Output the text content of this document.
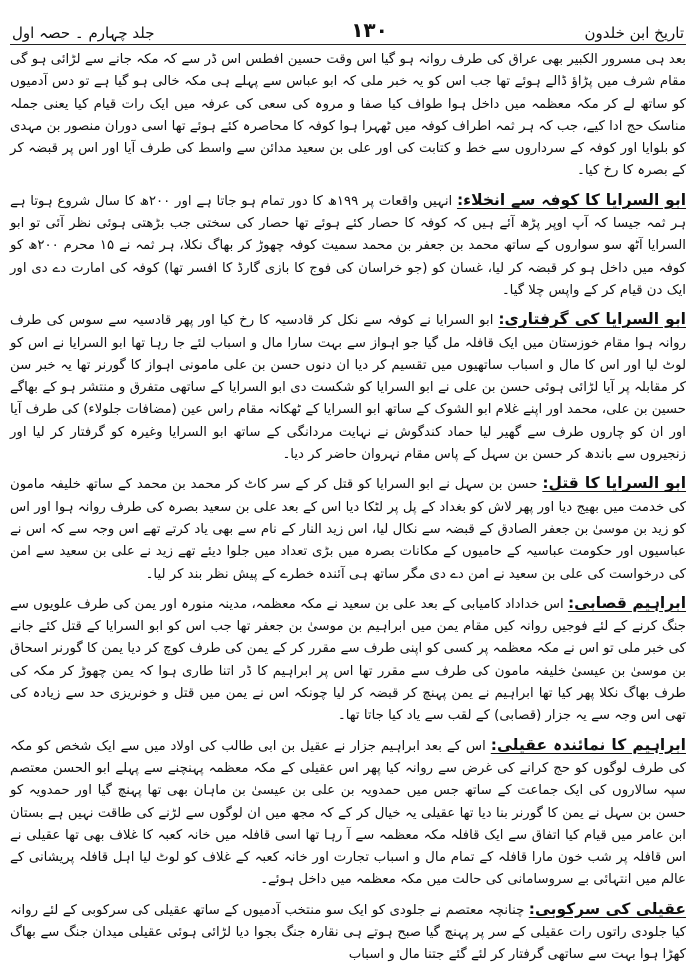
تاریخ ابن خلدون
۱۳۰
جلد چہارم ۔ حصہ اول

بعد ہی مسرور الکبیر بھی عراق کی طرف روانہ ہو گیا اس وقت حسین افطس اس ڈر سے کہ مکہ جانے سے لڑائی ہو گی مقام شرف میں پڑاؤ ڈالے ہوئے تھا جب اس کو یہ خبر ملی کہ ابو عباس سے پہلے ہی مکہ خالی ہو گیا ہے تو دس آدمیوں کو ساتھ لے کر مکہ معظمہ میں داخل ہوا طواف کیا صفا و مروہ کی سعی کی عرفہ میں ایک رات قیام کیا یعنی جملہ مناسک حج ادا کیے، جب کہ ہر ثمہ اطراف کوفہ میں ٹھہرا ہوا کوفہ کا محاصرہ کئے ہوئے تھا اسی دوران منصور بن مہدی کو بلوایا اور کوفہ کے سرداروں سے خط و کتابت کی اور علی بن سعید مدائن سے واسط کی طرف آیا اور اس پر قبضہ کر کے بصرہ کا رخ کیا۔

ابو السرایا کا کوفہ سے انخلاء: انہیں واقعات پر ۱۹۹ھ کا دور تمام ہو جاتا ہے اور ۲۰۰ھ کا سال شروع ہوتا ہے ہر ثمہ جیسا کہ آپ اوپر پڑھ آئے ہیں کہ کوفہ کا حصار کئے ہوئے تھا حصار کی سختی جب بڑھتی ہوئی نظر آئی تو ابو السرایا آٹھ سو سواروں کے ساتھ محمد بن جعفر بن محمد سمیت کوفہ چھوڑ کر بھاگ نکلا، ہر ثمہ نے ۱۵ محرم ۲۰۰ھ کو کوفہ میں داخل ہو کر قبضہ کر لیا، غسان کو (جو خراسان کی فوج کا بازی گارڈ کا افسر تھا) کوفہ کی امارت دے دی اور ایک دن قیام کر کے واپس چلا گیا۔

ابو السرایا کی گرفتاری: ابو السرایا نے کوفہ سے نکل کر قادسیہ کا رخ کیا اور پھر قادسیہ سے سوس کی طرف روانہ ہوا مقام خوزستان میں ایک قافلہ مل گیا جو اہواز سے بہت سارا مال و اسباب لئے جا رہا تھا ابو السرایا نے اس کو لوٹ لیا اور اس کا مال و اسباب ساتھیوں میں تقسیم کر دیا ان دنوں حسن بن علی مامونی اہواز کا گورنر تھا یہ خبر سن کر مقابلہ پر آیا لڑائی ہوئی حسن بن علی نے ابو السرایا کو شکست دی ابو السرایا کے ساتھی متفرق و منتشر ہو کے بھاگے حسین بن علی، محمد اور اپنے غلام ابو الشوک کے ساتھ ابو السرایا کے ٹھکانہ مقام راس عین (مضافات جلولاء) کی طرف آیا اور ان کو چاروں طرف سے گھیر لیا حماد کندگوش نے نہایت مردانگی کے ساتھ ابو السرایا وغیرہ کو گرفتار کر لیا اور زنجیروں سے باندھ کر حسن بن سہل کے پاس مقام نہروان حاضر کر دیا۔

ابو السرایا کا قتل: حسن بن سہل نے ابو السرایا کو قتل کر کے سر کاٹ کر محمد بن محمد کے ساتھ خلیفہ مامون کی خدمت میں بھیج دیا اور پھر لاش کو بغداد کے پل پر لٹکا دیا اس کے بعد علی بن سعید بصرہ کی طرف روانہ ہوا اور اس کو زید بن موسیٰ بن جعفر الصادق کے قبضہ سے نکال لیا، اس زید النار کے نام سے بھی یاد کرتے تھے اس وجہ سے کہ اس نے عباسیوں اور حکومت عباسیہ کے حامیوں کے مکانات بصرہ میں بڑی تعداد میں جلوا دیئے تھے زید نے علی بن سعید سے امن کی درخواست کی علی بن سعید نے امن دے دی مگر ساتھ ہی آئندہ خطرے کے پیش نظر بند کر لیا۔

ابراہیم قصابی: اس خداداد کامیابی کے بعد علی بن سعید نے مکہ معظمہ، مدینہ منورہ اور یمن کی طرف علویوں سے جنگ کرنے کے لئے فوجیں روانہ کیں مقام یمن میں ابراہیم بن موسیٰ بن جعفر تھا جب اس کو ابو السرایا کے قتل کئے جانے کی خبر ملی تو اس نے مکہ معظمہ پر کسی کو اپنی طرف سے مقرر کر کے یمن کی طرف کوچ کر دیا یمن کا گورنر اسحاق بن موسیٰ بن عیسیٰ خلیفہ مامون کی طرف سے مقرر تھا اس پر ابراہیم کا ڈر اتنا طاری ہوا کہ یمن چھوڑ کر مکہ کی طرف بھاگ نکلا پھر کیا تھا ابراہیم نے یمن پہنچ کر قبضہ کر لیا چونکہ اس نے یمن میں قتل و خونریزی حد سے زیادہ کی تھی اس وجہ سے یہ جزار (قصابی) کے لقب سے یاد کیا جاتا تھا۔

ابراہیم کا نمائندہ عقیلی: اس کے بعد ابراہیم جزار نے عقیل بن ابی طالب کی اولاد میں سے ایک شخص کو مکہ کی طرف لوگوں کو حج کرانے کی غرض سے روانہ کیا پھر اس عقیلی کے مکہ معظمہ پہنچنے سے پہلے ابو الحسن معتصم سپہ سالاروں کی ایک جماعت کے ساتھ جس میں حمدویہ بن علی بن عیسیٰ بن ماہان بھی تھا پہنچ گیا اور حمدویہ کو حسن بن سہل نے یمن کا گورنر بنا دیا تھا عقیلی یہ خیال کر کے کہ مجھ میں ان لوگوں سے لڑنے کی طاقت نہیں ہے بستان ابن عامر میں قیام کیا اتفاق سے ایک قافلہ مکہ معظمہ سے آ رہا تھا اسی قافلہ میں خانہ کعبہ کا غلاف بھی تھا عقیلی نے اس قافلہ پر شب خون مارا قافلہ کے تمام مال و اسباب تجارت اور خانہ کعبہ کے غلاف کو لوٹ لیا اہل قافلہ پریشانی کے عالم میں انتہائی بے سروسامانی کی حالت میں مکہ معظمہ میں داخل ہوئے۔

عقیلی کی سرکوبی: چنانچہ معتصم نے جلودی کو ایک سو منتخب آدمیوں کے ساتھ عقیلی کی سرکوبی کے لئے روانہ کیا جلودی راتوں رات عقیلی کے سر پر پہنچ گیا صبح ہوتے ہی نقارہ جنگ بجوا دیا لڑائی ہوئی عقیلی میدان جنگ سے بھاگ کھڑا ہوا بہت سے ساتھی گرفتار کر لئے گئے جتنا مال و اسباب
